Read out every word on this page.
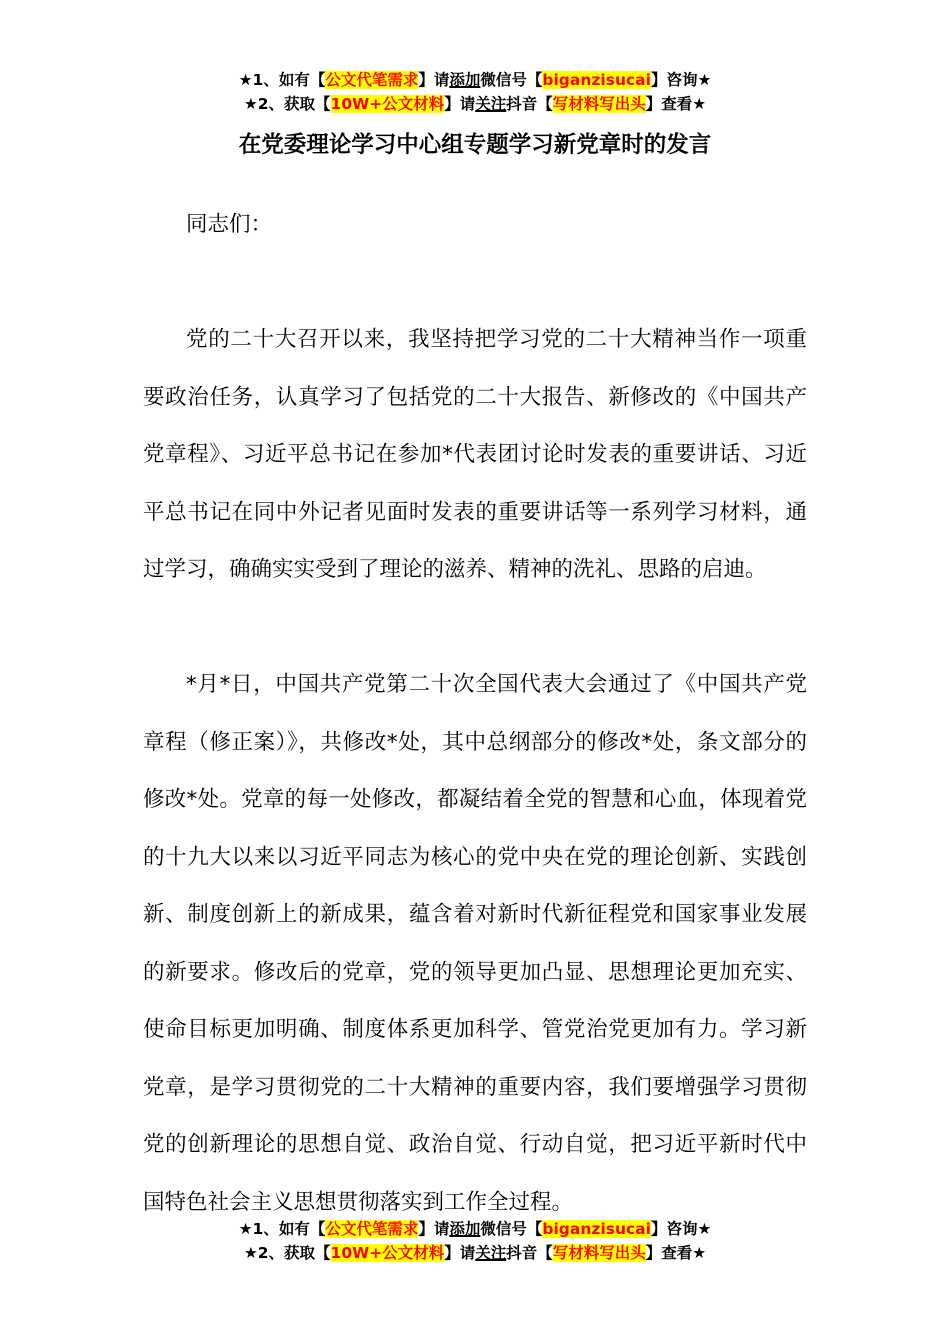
★1、如有【公文代笔需求】请添加微信号【biganzisucai】咨询★
★2、获取【10W+公文材料】请关注抖音【写材料写出头】查看★
在党委理论学习中心组专题学习新党章时的发言

同志们：

党的二十大召开以来，我坚持把学习党的二十大精神当作一项重要政治任务，认真学习了包括党的二十大报告、新修改的《中国共产党章程》、习近平总书记在参加*代表团讨论时发表的重要讲话、习近平总书记在同中外记者见面时发表的重要讲话等一系列学习材料，通过学习，确确实实受到了理论的滋养、精神的洗礼、思路的启迪。

*月*日，中国共产党第二十次全国代表大会通过了《中国共产党章程（修正案）》，共修改*处，其中总纲部分的修改*处，条文部分的修改*处。党章的每一处修改，都凝结着全党的智慧和心血，体现着党的十九大以来以习近平同志为核心的党中央在党的理论创新、实践创新、制度创新上的新成果，蕴含着对新时代新征程党和国家事业发展的新要求。修改后的党章，党的领导更加凸显、思想理论更加充实、使命目标更加明确、制度体系更加科学、管党治党更加有力。学习新党章，是学习贯彻党的二十大精神的重要内容，我们要增强学习贯彻党的创新理论的思想自觉、政治自觉、行动自觉，把习近平新时代中国特色社会主义思想贯彻落实到工作全过程。

★1、如有【公文代笔需求】请添加微信号【biganzisucai】咨询★
★2、获取【10W+公文材料】请关注抖音【写材料写出头】查看★
